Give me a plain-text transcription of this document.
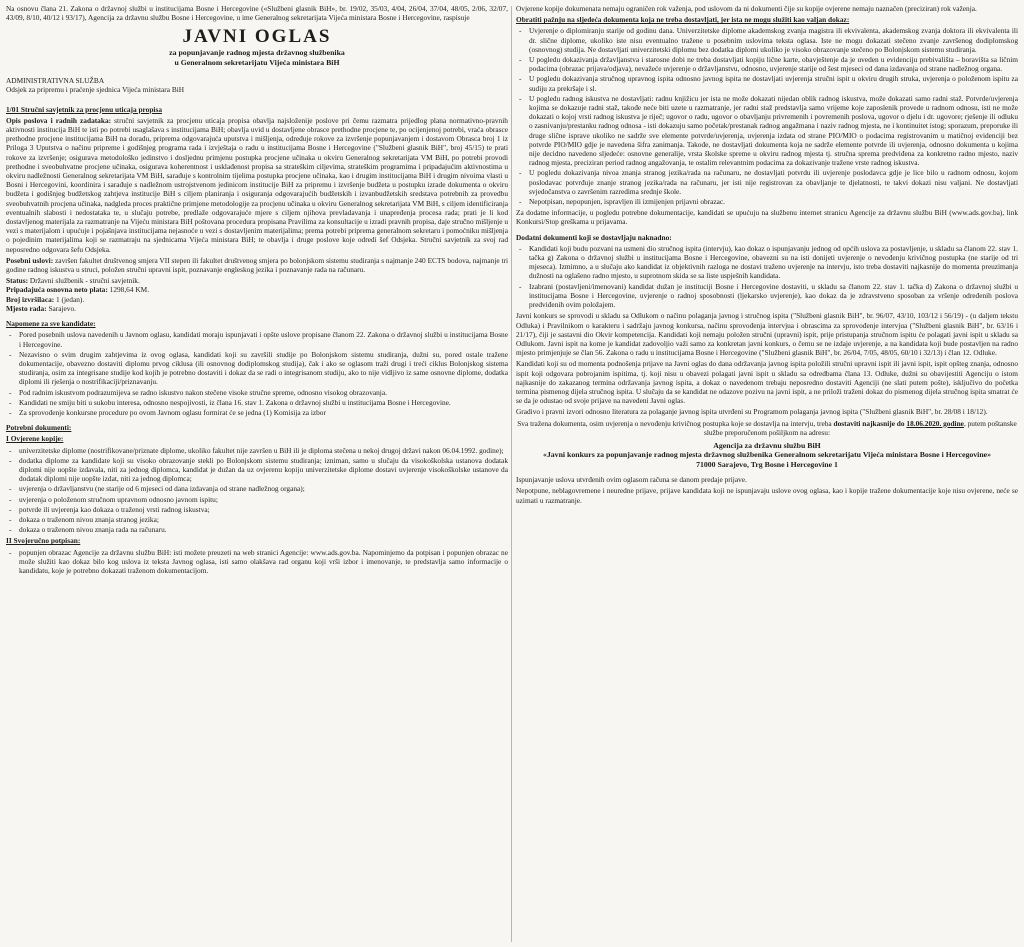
Na osnovu člana 21. Zakona o državnoj službi u institucijama Bosne i Hercegovine («Službeni glasnik BiH», br. 19/02, 35/03, 4/04, 26/04, 37/04, 48/05, 2/06, 32/07, 43/09, 8/10, 40/12 i 93/17), Agencija za državnu službu Bosne i Hercegovine, u ime Generalnog sekretarijata Vijeća ministara Bosne i Hercegovine, raspisuje

JAVNI OGLAS
za popunjavanje radnog mjesta državnog službenika
u Generalnom sekretarijatu Vijeća ministara BiH
ADMINISTRATIVNA SLUŽBA
Odsjek za pripremu i praćenje sjednica Vijeća ministara BiH

1/01 Stručni savjetnik za procjenu uticaja propisa

Opis poslova i radnih zadataka: stručni savjetnik za procjenu uticaja propisa obavlja najsloženije poslove pri čemu razmatra prijedlog plana normativno-pravnih aktivnosti institucija BiH te isti po potrebi usaglašava s institucijama BiH; obavlja uvid u dostavljene obrasce prethodne procjene te, po ocijenjenoj potrebi, vraća obrasce prethodne procjene institucijama BiH na doradu, priprema odgovarajuća uputstva i mišljenja, određuje rokove za izvršenje popunjavanjem i dostavom Obrasca broj 1 iz Priloga 3 Uputstva o načinu pripreme i godišnjeg programa rada i izvještaja o radu u institucijama Bosne i Hercegovine ("Službeni glasnik BiH", broj 45/15) te prati rokove za izvršenje; osigurava metodološko jedinstvo i dosljednu primjenu postupka procjene učinaka u okviru Generalnog sekretarijata VM BiH, po potrebi provodi prethodne i sveobuhvatne procjene učinaka, osigurava koherentnost i usklađenost propisa sa strateškim ciljevima, strateškim programima i pripadajućim aktivnostima u okviru nadležnosti Generalnog sekretarijata VM BiH, sarađuje s kontrolnim tijelima postupka procjene učinaka, kao i drugim institucijama BiH i drugim nivoima vlasti u Bosni i Hercegovini, koordinira i sarađuje s nadležnom ustrojstvenom jedinicom institucije BiH za pripremu i izvršenje budžeta u postupku izrade dokumenta o okviru budžeta i godišnjeg budžetskog zahtjeva institucije BiH s ciljem planiranja i osiguranja odgovarajućih budžetskih i izvanbudžetskih sredstava potrebnih za provedbu sveobuhvatnih procjena učinaka, nadgleda proces praktične primjene metodologije za procjenu učinaka u okviru Generalnog sekretarijata VM BiH, s ciljem identificiranja eventualnih slabosti i nedostataka te, u slučaju potrebe, predlaže odgovarajuće mjere s ciljem njihova prevladavanja i unapređenja procesa rada; prati je li kod dostavljenog materijala za razmatranje na Vijeću ministara BiH poštovana procedura propisana Pravilima za konsultacije u izradi pravnih propisa, daje stručno mišljenje u vezi s materijalom i upućuje i pojašnjava institucijama nejasnoće u vezi s dostavljenim materijalima; prema potrebi priprema generalnom sekretaru i pomoćniku mišljenja o pojedinim materijalima koji se razmatraju na sjednicama Vijeća ministara BiH; te obavlja i druge poslove koje odredi šef Odsjeka. Stručni savjetnik za svoj rad neposredno odgovara šefu Odsjeka.

Posebni uslovi: završen fakultet društvenog smjera VII stepen ili fakultet društvenog smjera po bolonjskom sistemu studiranja s najmanje 240 ECTS bodova, najmanje tri godine radnog iskustva u struci, položen stručni upravni ispit, poznavanje engleskog jezika i poznavanje rada na računaru.

Status: Državni službenik - stručni savjetnik.
Pripadajuća osnovna neto plata: 1298,64 KM.
Broj izvršilaca: 1 (jedan).
Mjesto rada: Sarajevo.

Napomene za sve kandidate:

- Pored posebnih uslova navedenih u Javnom oglasu, kandidati moraju ispunjavati i opšte uslove propisane članom 22. Zakona o državnoj službi u institucijama Bosne i Hercegovine.
- Nezavisno o svim drugim zahtjevima iz ovog oglasa, kandidati koji su završili studije po Bolonjskom sistemu studiranja, dužni su, pored ostale tražene dokumentacije, obavezno dostaviti diplomu prvog ciklusa (ili osnovnog dodiplomskog studija), čak i ako se oglasom traži drugi i treći ciklus Bolonjskog sistema studiranja, osim za integrisane studije kod kojih je potrebno dostaviti i dokaz da se radi o integrisanom studiju, ako to nije vidljivo iz same osnovne diplome, dodatka diplomi ili rješenja o nostrifikaciji/priznavanju.
- Pod radnim iskustvom podrazumijeva se radno iskustvo nakon stečene visoke stručne spreme, odnosno visokog obrazovanja.
- Kandidati ne smiju biti u sukobu interesa, odnosno nespojivosti, iz člana 16. stav 1. Zakona o državnoj službi u institucijama Bosne i Hercegovine.
- Za sprovođenje konkursne procedure po ovom Javnom oglasu formirat će se jedna (1) Komisija za izbor

Potrebni dokumenti:

I Ovjerene kopije:

- univerzitetske diplome (nostrifikovane/priznate diplome, ukoliko fakultet nije završen u BiH ili je diploma stečena u nekoj drugoj državi nakon 06.04.1992. godine);
- dodatka diplome za kandidate koji su visoko obrazovanje stekli po Bolonjskom sistemu studiranja; izniman, samo u slučaju da visokoškolska ustanova dodatak diplomi nije uopšte izdavala, niti za jednog diplomca, kandidat je dužan da uz ovjerenu kopiju univerzitetske diplome dostavi uvjerenje visokoškolske ustanove da dodatak diplomi nije uopšte izdat, niti za jednog diplomca;
- uvjerenja o državljanstvu (ne starije od 6 mjeseci od dana izdavanja od strane nadležnog organa);
- uvjerenja o položenom stručnom upravnom odnosno javnom ispitu;
- potvrde ili uvjerenja kao dokaza o traženoj vrsti radnog iskustva;
- dokaza o traženom nivou znanja stranog jezika;
- dokaza o traženom nivou znanja rada na računaru.

II Svojeručno potpisan:

- popunjen obrazac Agencije za državnu službu BiH: isti možete preuzeti na web stranici Agencije: www.ads.gov.ba. Napominjemo da potpisan i popunjen obrazac ne može služiti kao dokaz bilo kog uslova iz teksta Javnog oglasa, isti samo olakšava rad organu koji vrši izbor i imenovanje, te predstavlja samo informacije o kandidatu, koje je potrebno dokazati traženom dokumentacijom.

Ovjerene kopije dokumenata nemaju ograničen rok važenja, pod uslovom da ni dokumenti čije su kopije ovjerene nemaju naznačen (preciziran) rok važenja.

Obratiti pažnju na sljedeća dokumenta koja ne treba dostavljati, jer ista ne mogu služiti kao valjan dokaz:

- Uvjerenje o diplomiranju starije od godinu dana. Univerzitetske diplome akademskog zvanja magistra ili ekvivalenta, akademskog zvanja doktora ili ekvivalenta ili dr. slične diplome, ukoliko iste nisu eventualno tražene u posebnim uslovima teksta oglasa. Iste ne mogu dokazati stečeno zvanje završenog dodiplomskog (osnovnog) studija. Ne dostavljati univerzitetski diplomu bez dodatka diplomi ukoliko je visoko obrazovanje stečeno po Bolonjskom sistemu studiranja.
- U pogledu dokazivanja državljanstva i starosne dobi ne treba dostavljati kopiju lične karte, obavještenje da je uveden u evidenciju prebivališta – boravišta sa ličnim podacima (obrazac prijava/odjava), nevažeće uvjerenje o državljanstvu, odnosno, uvjerenje starije od šest mjeseci od dana izdavanja od strane nadležnog organa.
- U pogledu dokazivanja stručnog upravnog ispita odnosno javnog ispita ne dostavljati uvjerenja stručni ispit u okviru drugih struka, uvjerenja o položenom ispitu za sudiju za prekršaje i sl.
- U pogledu radnog iskustva ne dostavljati: radnu knjižicu jer ista ne može dokazati nijedan oblik radnog iskustva, može dokazati samo radni staž. Potvrde/uvjerenja kojima se dokazuje radni staž, takođe neće biti uzete u razmatranje, jer radni staž predstavlja samo vrijeme koje zaposlenik provede u radnom odnosu, isti ne može dokazati o kojoj vrsti radnog iskustva je riječ; ugovor o radu, ugovor o obavljanju privremenih i povremenih poslova, ugovor o djelu i dr. ugovore; rješenje ili odluku o zasnivanju/prestanku radnog odnosa - isti dokazuju samo početak/prestanak radnog angažmana i naziv radnog mjesta, ne i kontinuitet istog; sporazum, preporuke ili druge slične isprave ukoliko ne sadrže sve elemente potvrde/uvjerenja, uvjerenja izdata od strane PIO/MIO o podacima registrovanim u matičnoj evidenciji bez potvrde PIO/MIO gdje je navedena šifra zanimanja. Takođe, ne dostavljati dokumenta koja ne sadrže elemente potvrde ili uvjerenja, odnosno dokumenta u kojima nije decidno navedeno sljedeće: osnovne generalije, vrsta školske spreme u okviru radnog mjesta tj. stručna sprema predviđena za konkretno radno mjesto, naziv radnog mjesta, preciziran period radnog angažovanja, te ostalim relevantnim podacima za dokazivanje tražene vrste radnog iskustva.
- U pogledu dokazivanja nivoa znanja stranog jezika/rada na računaru, ne dostavljati potvrdu ili uvjerenje poslodavca gdje je lice bilo u radnom odnosu, kojom poslodavac potvrđuje znanje stranog jezika/rada na računaru, jer isti nije registrovan za obavljanje te djelatnosti, te takvi dokazi nisu valjani. Ne dostavljati svjedočanstva o završenim razredima srednje škole.
- Nepotpisan, nepopunjen, ispravljen ili izmijenjen prijavni obrazac.

Za dodatne informacije, u pogledu potrebne dokumentacije, kandidati se upućuju na službenu internet stranicu Agencije za državnu službu BiH (www.ads.gov.ba), link Konkursi/Stop greškama u prijavama.

Dodatni dokumenti koji se dostavljaju naknadno:

- Kandidati koji budu pozvani na usmeni dio stručnog ispita (intervju), kao dokaz o ispunjavanju jednog od općih uslova za postavljenje, u skladu sa članom 22. stav 1. tačka g) Zakona o državnoj službi u institucijama Bosne i Hercegovine, obavezni su na isti donijeti uvjerenje o nevođenju krivičnog postupka (ne starije od tri mjeseca). Izmimno, a u slučaju ako kandidat iz objektivnih razloga ne dostavi traženo uvjerenje na intervju, isto treba dostaviti najkasnije do momenta preuzimanja dužnosti na oglašeno radno mjesto, u suprotnom skida se sa liste uspješnih kandidata.
- Izabrani (postavljeni/imenovani) kandidat dužan je instituciji Bosne i Hercegovine dostaviti, u skladu sa članom 22. stav 1. tačka d) Zakona o državnoj službi u institucijama Bosne i Hercegovine, uvjerenje o radnoj sposobnosti (ljekarsko uvjerenje), kao dokaz da je zdravstveno sposoban za vršenje određenih poslova predviđenih ovim položajem.

Javni konkurs se sprovodi u skladu sa Odlukom o načinu polaganja javnog i stručnog ispita ("Službeni glasnik BiH", br. 96/07, 43/10, 103/12 i 56/19) - (u daljem tekstu Odluka) i Pravilnikom o karakteru i sadržaju javnog konkursa, načinu sprovođenja intervjua i obrascima za sprovođenje intervjua ("Službeni glasnik BiH", br. 63/16 i 21/17), čiji je sastavni dio Okvir kompetencija. Kandidati koji nemaju položen stručni (upravni) ispit, prije pristupanja stručnom ispitu će polagati javni ispit u skladu sa Odlukom. Javni ispit na kome je kandidat zadovoljio važi samo za konkretan javni konkurs, o čemu se ne izdaje uvjerenje, a na kandidata koji bude postavljen na radno mjesto primjenjuje se član 56. Zakona o radu u institucijama Bosne i Hercegovine ("Službeni glasnik BiH", br. 26/04, 7/05, 48/05, 60/10 i 32/13) i član 12. Odluke.

Kandidati koji su od momenta podnošenja prijave na Javni oglas do dana održavanja javnog ispita položili stručni upravni ispit ili javni ispit, ispit opšteg znanja, odnosno ispit koji odgovara pobrojanim ispitima, tj. koji nisu u obavezi polagati javni ispit u skladu sa odredbama člana 13. Odluke, dužni su obavijestiti Agenciju o istom najkasnije do zakazanog termina održavanja javnog ispita, a dokaz o navedenom trebaju neposredno dostaviti Agenciji (ne slati putem pošte), isključivo do početka termina pismenog dijela stručnog ispita. U slučaju da se kandidat ne odazove pozivu na javni ispit, a ne priloži traženi dokaz do pismenog dijela stručnog ispita smatrat će se da je odustao od svoje prijave na navedeni Javni oglas.

Gradivo i pravni izvori odnosno literatura za polaganje javnog ispita utvrđeni su Programom polaganja javnog ispita ("Službeni glasnik BiH", br. 28/08 i 18/12).

Sva tražena dokumenta, osim uvjerenja o nevođenju krivičnog postupka koje se dostavlja na intervju, treba dostaviti najkasnije do 18.06.2020. godine, putem poštanske službe preporučenom pošiljkom na adresu:

Agencija za državnu službu BiH
«Javni konkurs za popunjavanje radnog mjesta državnog službenika Generalnom sekretarijatu Vijeća ministara Bosne i Hercegovine»
71000 Sarajevo, Trg Bosne i Hercegovine 1

Ispunjavanje uslova utvrđenih ovim oglasom računa se danom predaje prijave.

Nepotpune, neblagovremene i neuredne prijave, prijave kandidata koji ne ispunjavaju uslove ovog oglasa, kao i kopije tražene dokumentacije koje nisu ovjerene, neće se uzimati u razmatranje.
